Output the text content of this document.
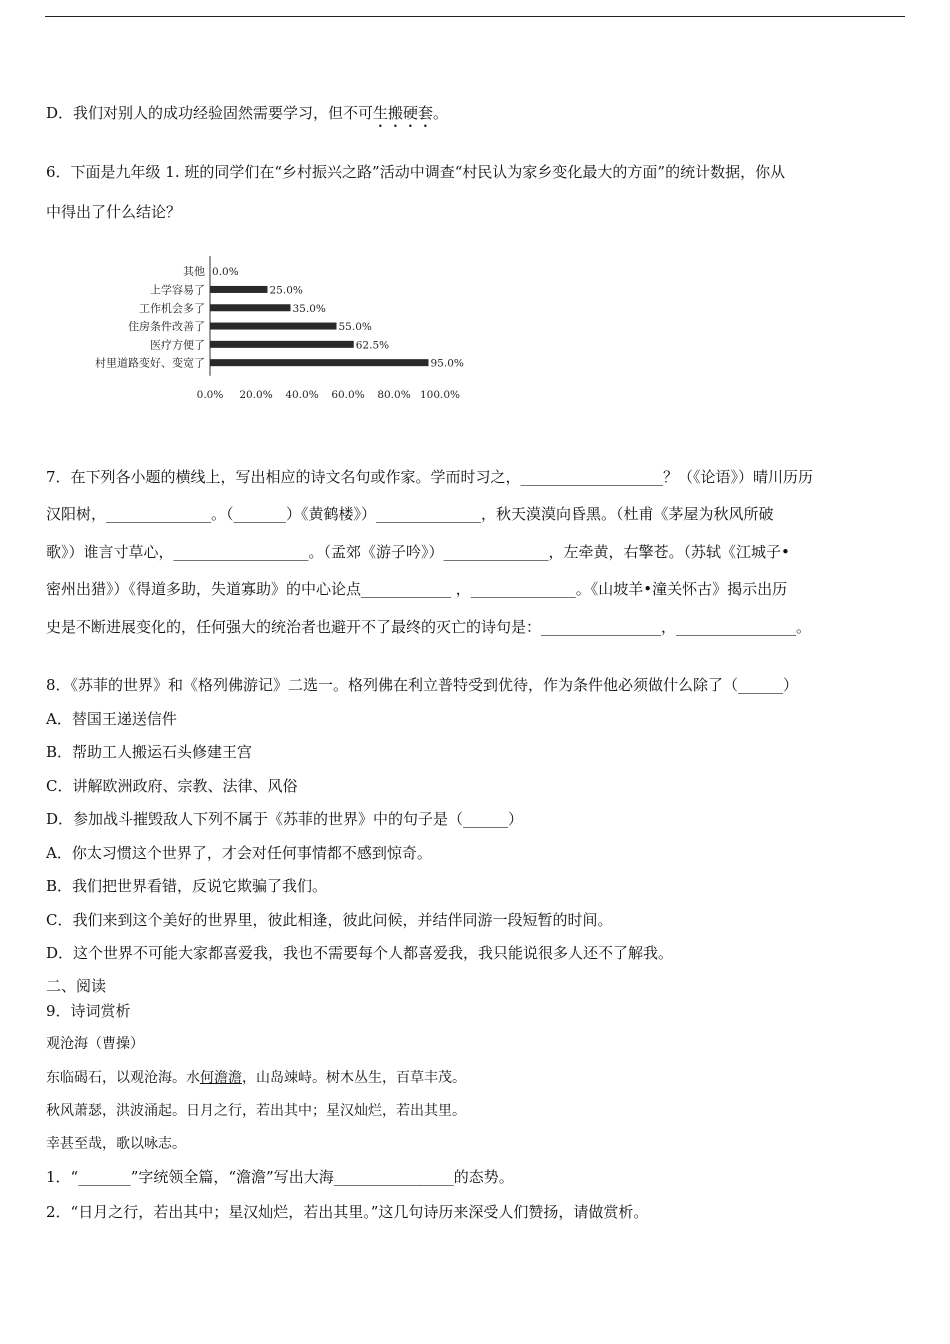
D．我们对别人的成功经验固然需要学习，但不可生搬硬套。
6．下面是九年级 1. 班的同学们在“乡村振兴之路”活动中调查“村民认为家乡变化最大的方面”的统计数据，你从
中得出了什么结论？
其他 0.0%
上学容易了	25.0%
工作机会多了	35.0%
住房条件改善了	55.0%
医疗方便了	62.5%
村里道路变好、变宽了	95.0%
0.0% 20.0% 40.0% 60.0% 80.0% 100.0%
7．在下列各小题的横线上，写出相应的诗文名句或作家。学而时习之，___________________？（《论语》）晴川历历
汉阳树，______________。（_______）《黄鹤楼》）______________，秋天漠漠向昏黑。（杜甫《茅屋为秋风所破
歌》）谁言寸草心，__________________。（孟郊《游子吟》）______________，左牵黄，右擎苍。（苏轼《江城子•
密州出猎》）《得道多助，失道寡助》的中心论点____________ ，______________。《山坡羊•潼关怀古》揭示出历
史是不断进展变化的，任何强大的统治者也避开不了最终的灭亡的诗句是：________________，________________。
8．《苏菲的世界》和《格列佛游记》二选一。格列佛在利立普特受到优待，作为条件他必须做什么除了（______）
A．替国王递送信件
B．帮助工人搬运石头修建王宫
C．讲解欧洲政府、宗教、法律、风俗
D．参加战斗摧毁敌人下列不属于《苏菲的世界》中的句子是（______）
A．你太习惯这个世界了，才会对任何事情都不感到惊奇。
B．我们把世界看错，反说它欺骗了我们。
C．我们来到这个美好的世界里，彼此相逢，彼此问候，并结伴同游一段短暂的时间。
D．这个世界不可能大家都喜爱我，我也不需要每个人都喜爱我，我只能说很多人还不了解我。
二、阅读
9．诗词赏析
观沧海（曹操）
东临碣石，以观沧海。水何澹澹，山岛竦峙。树木丛生，百草丰茂。
秋风萧瑟，洪波涌起。日月之行，若出其中；星汉灿烂，若出其里。
幸甚至哉，歌以咏志。
1．“_______”字统领全篇，“澹澹”写出大海________________的态势。
2．“日月之行，若出其中；星汉灿烂，若出其里。”这几句诗历来深受人们赞扬，请做赏析。
